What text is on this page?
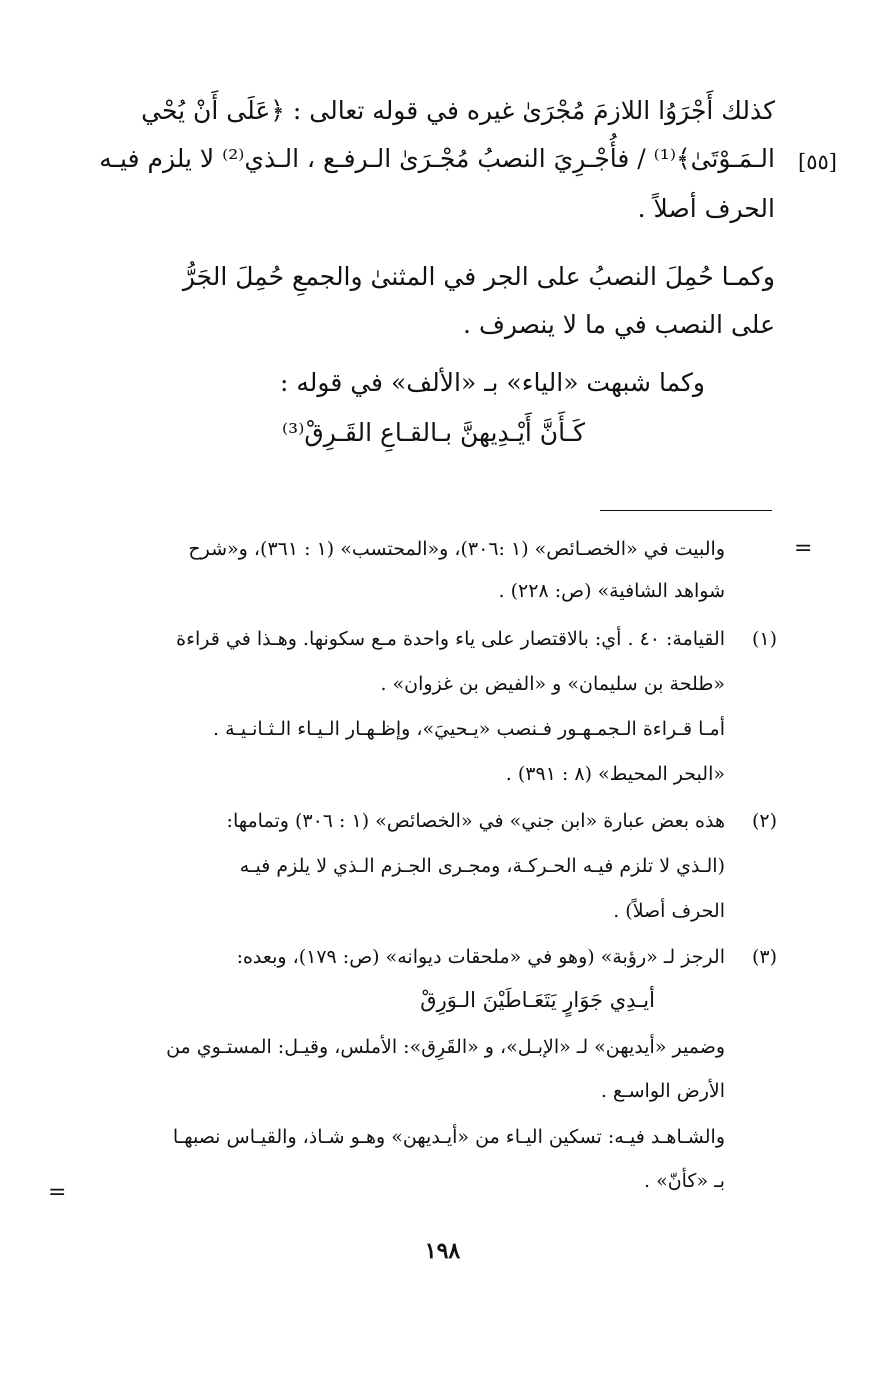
[٥٥]
كذلك أَجْرَوُا اللازمَ مُجْرَىٰ غيره في قوله تعالى : ﴿عَلَى أَنْ يُحْي
الـمَـوْتَىٰ﴾⁽¹⁾ / فأُجْـرِيَ النصبُ مُجْـرَىٰ الـرفـع ، الـذي⁽²⁾ لا يلزم فيـه
الحرف أصلاً .
وكمـا حُمِلَ النصبُ على الجر في المثنىٰ والجمعِ حُمِلَ الجَرُّ
على النصب في ما لا ينصرف .
وكما شبهت «الياء» بـ «الألف» في قوله :
كَـأَنَّ أَيْـدِيهنَّ بـالقـاعِ القَـرِقْ⁽³⁾
=
والبيت في «الخصـائص» (١ :٣٠٦)، و«المحتسب» (١ : ٣٦١)، و«شرح
شواهد الشافية» (ص: ٢٢٨) .
(١)
القيامة: ٤٠ . أي: بالاقتصار على ياء واحدة مـع سكونها. وهـذا في قراءة
«طلحة بن سليمان» و «الفيض بن غزوان» .
أمـا قـراءة الـجمـهـور فـنصب «يـحييَ»، وإظـهـار الـيـاء الـثـانـيـة .
«البحر المحيط» (٨ : ٣٩١) .
(٢)
هذه بعض عبارة «ابن جني» في «الخصائص» (١ : ٣٠٦) وتمامها:
(الـذي لا تلزم فيـه الحـركـة، ومجـرى الجـزم الـذي لا يلزم فيـه
الحرف أصلاً) .
(٣)
الرجز لـ «رؤبة» (وهو في «ملحقات ديوانه» (ص: ١٧٩)، وبعده:
أيـدِي جَوَارٍ يَتَعَـاطَيْنَ الـوَرِقْ
وضمير «أيديهن» لـ «الإبـل»، و «القَرِق»: الأملس، وقيـل: المستـوي من
الأرض الواسـع .
والشـاهـد فيـه: تسكين اليـاء من «أيـديهن» وهـو شـاذ، والقيـاس نصبهـا
بـ «كأنّ» .
=
١٩٨
